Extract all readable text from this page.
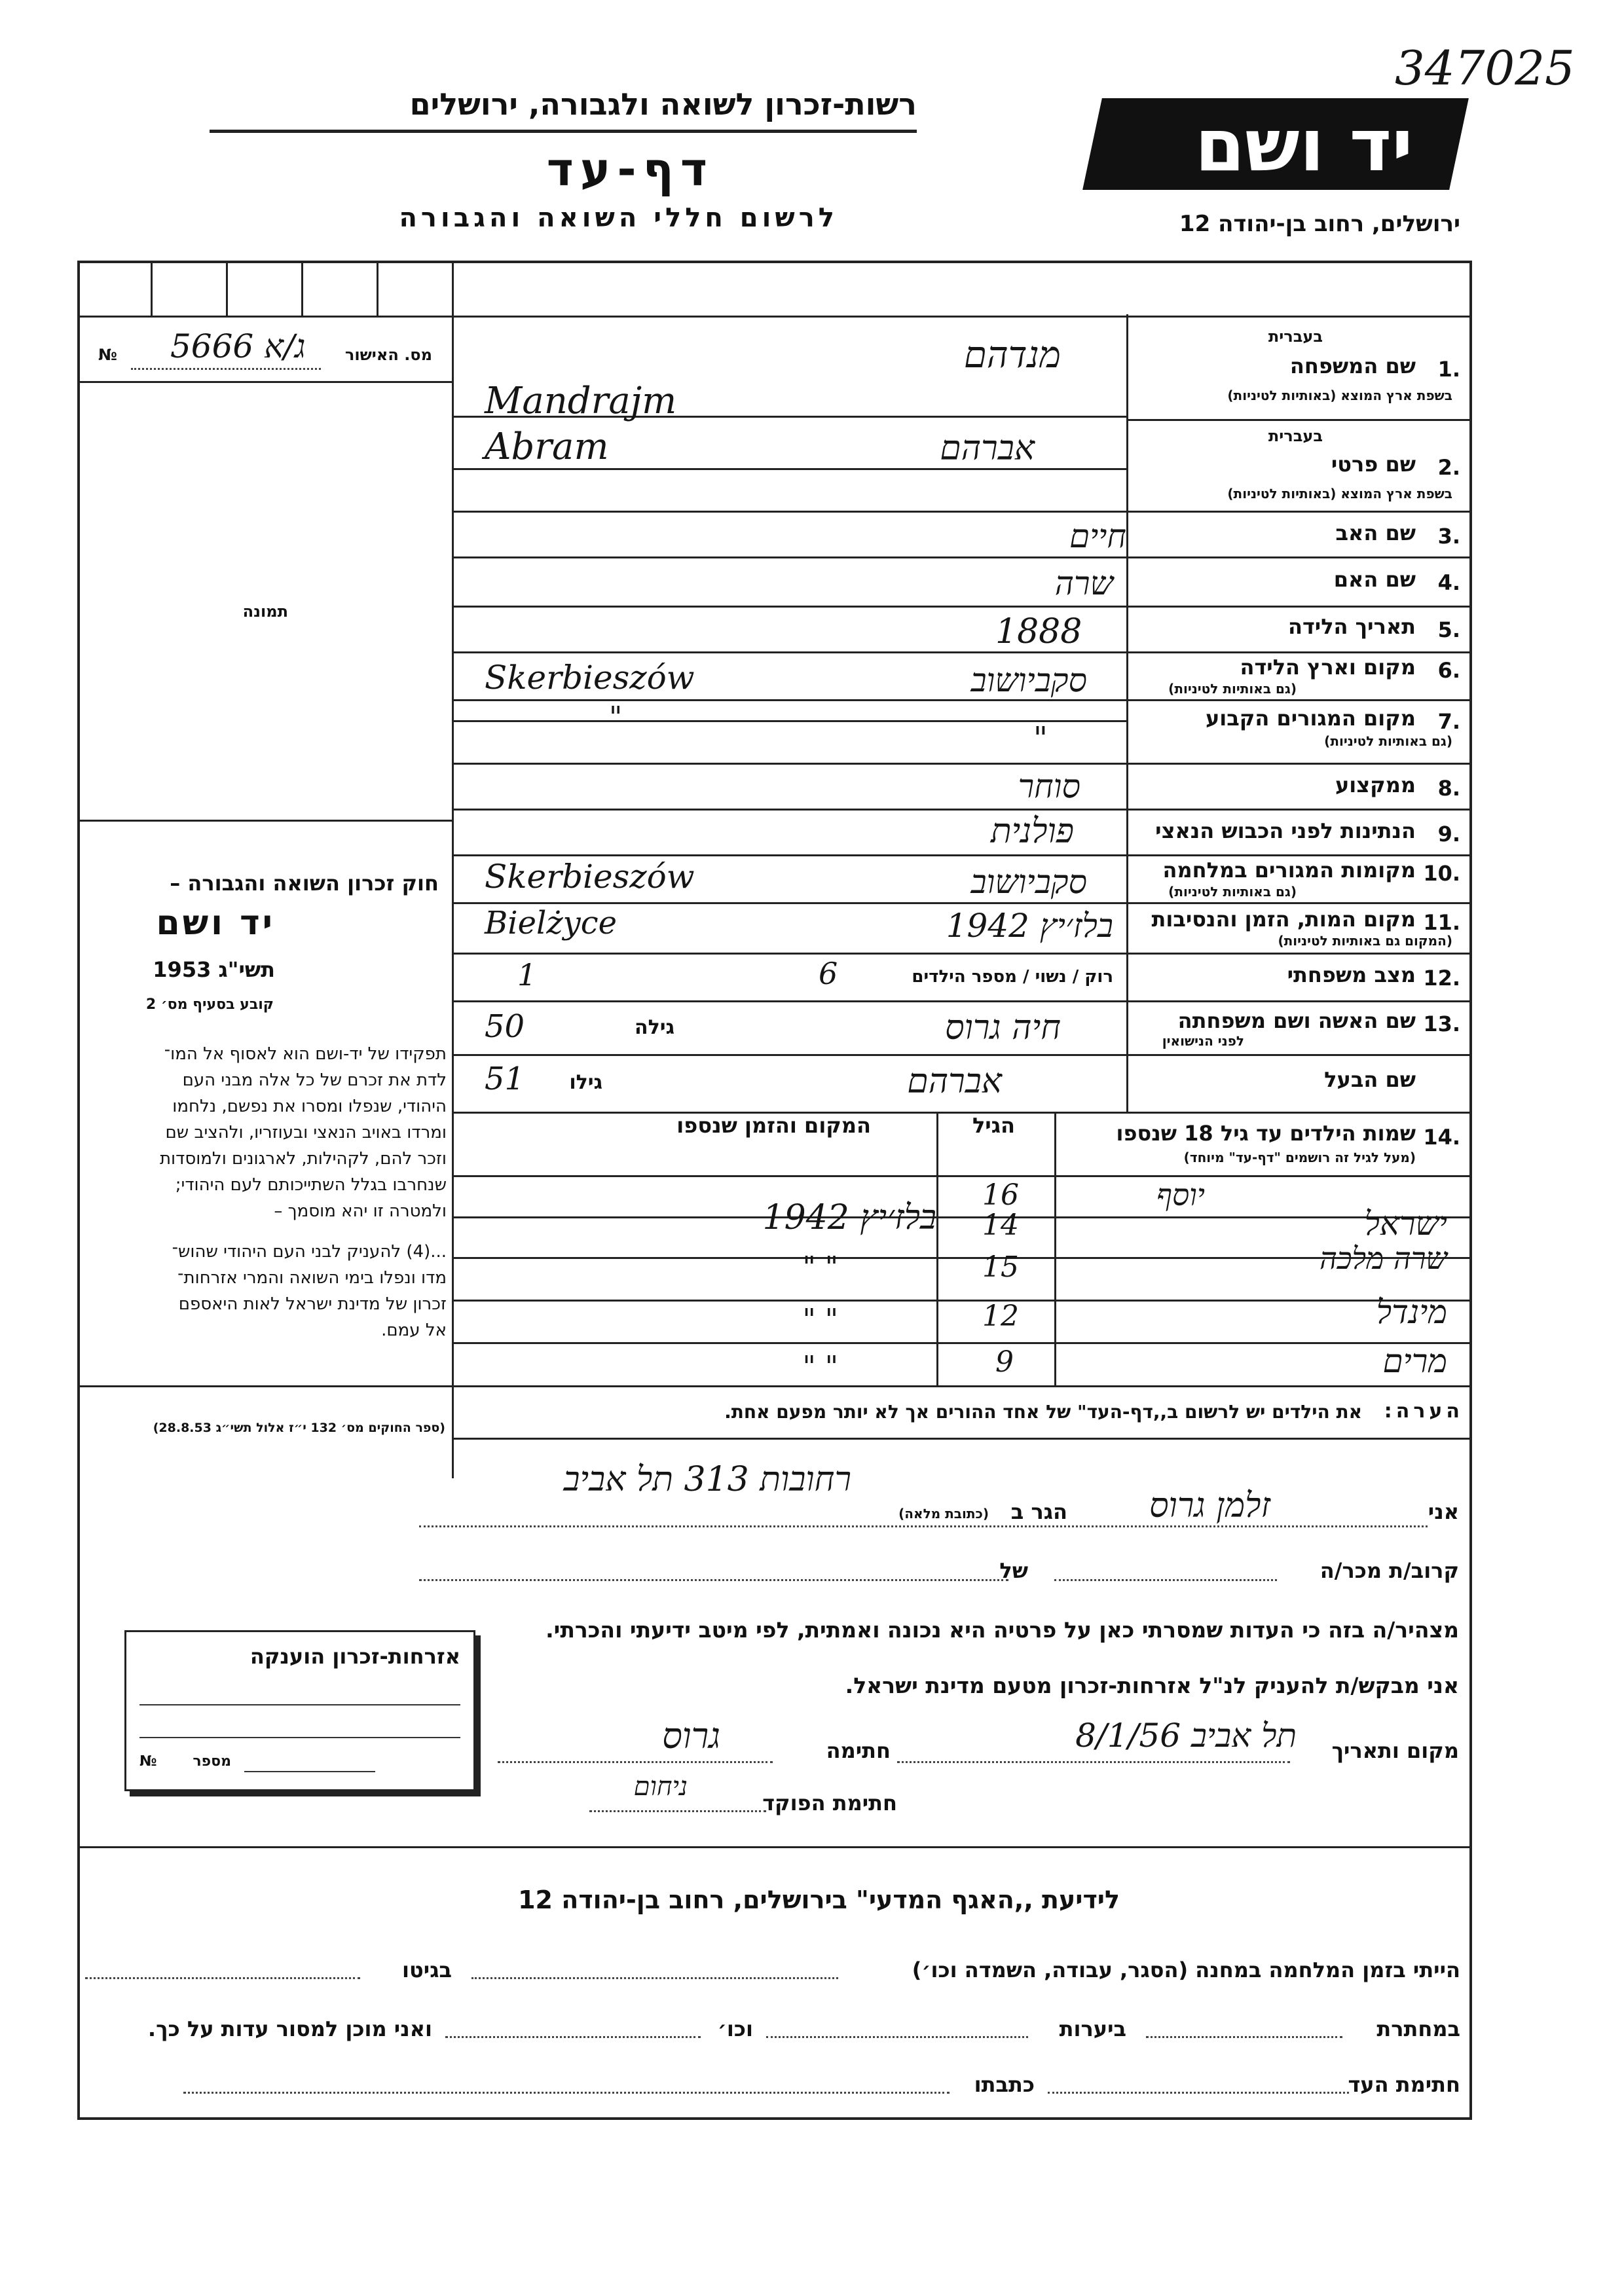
347025
יד ושם
רשות-זכרון לשואה ולגבורה, ירושלים
דף-עד
לרשום חללי השואה והגבורה	ירושלים, רחוב בן-יהודה 12
מס. האישור
№ 5666 ג/א
תמונה
חוק זכרון השואה והגבורה –
יד ושם
תשי"ג 1953
קובע בסעיף מס׳ 2
תפקידו של יד-ושם הוא לאסוף אל המו־
לדת את זכרם של כל אלה מבני העם
היהודי, שנפלו ומסרו את נפשם, נלחמו
ומרדו באויב הנאצי ובעוזריו, ולהציב שם
וזכר להם, לקהילות, לארגונים ולמוסדות
שנחרבו בגלל השתייכותם לעם היהודי;
ולמטרה זו יהא מוסמך –
...(4) להעניק לבני העם היהודי שהוש־
מדו ונפלו בימי השואה והמרי אזרחות־
זכרון של מדינת ישראל לאות היאספם
אל עמם.
(ספר החוקים מס׳ 132 י״ז אלול תשי״ג 28.8.53)
בעברית
שם המשפחה 1.
בשפת ארץ המוצא (באותיות לטיניות)
מנדהם
Mandrajm
בעברית
שם פרטי 2.
בשפת ארץ המוצא (באותיות לטיניות)
אברהם
Abram
שם האב 3.
חיים
שם האם 4.
שרה
תאריך הלידה 5.
1888
מקום וארץ הלידה 6.
(גם באותיות לטיניות)
סקביושוב
Skerbieszów
מקום המגורים הקבוע 7.
(גם באותיות לטיניות)
"
"
ממקצוע 8.
סוחר
הנתינות לפני הכבוש הנאצי 9.
פולנית
מקומות המגורים במלחמה 10.
(גם באותיות לטיניות)
סקביושוב
Skerbieszów
מקום המות, הזמן והנסיבות 11.
(המקום גם באותיות לטיניות)
בלז׳יץ 1942
Bielżyce
מצב משפחתי 12.
רוק / נשוי / מספר הילדים
6
1
שם האשה ושם משפחתה 13.
לפני הנישואין
חיה גרוס
גילה
50
שם הבעל
אברהם
גילו
51
14.
שמות הילדים עד גיל 18 שנספו
(מעל לגיל זה רושמים "דף-עד" מיוחד)
הגיל
המקום והזמן שנספו
יוסף
16
ישראל
14
בלז׳יץ 1942
שרה מלכה
15
" "
מינדל
12
" "
מרים
9
" "
הערה:
את הילדים יש לרשום ב,,דף-העד" של אחד ההורים אך לא יותר מפעם אחת.
אני
זלמן גרוס
הגר ב
(כתובת מלאה)
רחובות 313 תל אביב
קרוב/ת מכר/ה
של
מצהיר/ה בזה כי העדות שמסרתי כאן על פרטיה היא נכונה ואמתית, לפי מיטב ידיעתי והכרתי.
אני מבקש/ת להעניק לנ"ל אזרחות-זכרון מטעם מדינת ישראל.
מקום ותאריך
תל אביב 8/1/56
חתימה
גרוס
חתימת הפוקד
ניחום
אזרחות-זכרון הוענקה
מספר
№
לידיעת ,,האגף המדעי" בירושלים, רחוב בן-יהודה 12
הייתי בזמן המלחמה במחנה (הסגר, עבודה, השמדה וכו׳)
בגיטו
במחתרת
ביערות
וכו׳
ואני מוכן למסור עדות על כך.
חתימת העד
כתבתו
